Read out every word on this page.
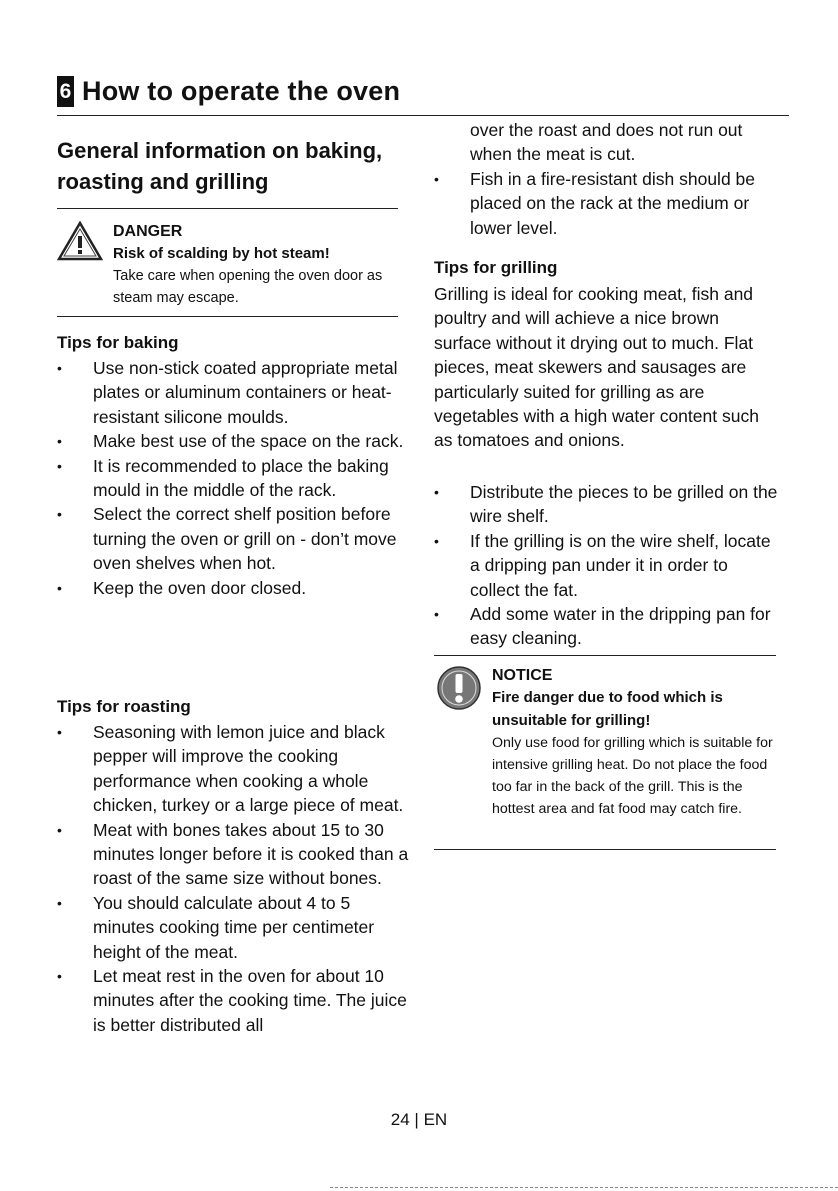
6 How to operate the oven
General information on baking, roasting and grilling
DANGER
Risk of scalding by hot steam!
Take care when opening the oven door as steam may escape.
Tips for baking
• Use non-stick coated appropriate metal plates or aluminum containers or heat-resistant silicone moulds.
• Make best use of the space on the rack.
• It is recommended to place the baking mould in the middle of the rack.
• Select the correct shelf position before turning the oven or grill on - don’t move oven shelves when hot.
• Keep the oven door closed.
Tips for roasting
• Seasoning with lemon juice and black pepper will improve the cooking performance when cooking a whole chicken, turkey or a large piece of meat.
• Meat with bones takes about 15 to 30 minutes longer before it is cooked than a roast of the same size without bones.
• You should calculate about 4 to 5 minutes cooking time per centimeter height of the meat.
• Let meat rest in the oven for about 10 minutes after the cooking time. The juice is better distributed all
over the roast and does not run out when the meat is cut.
• Fish in a fire-resistant dish should be placed on the rack at the medium or lower level.
Tips for grilling
Grilling is ideal for cooking meat, fish and poultry and will achieve a nice brown surface without it drying out to much. Flat pieces, meat skewers and sausages are particularly suited for grilling as are vegetables with a high water content such as tomatoes and onions.
• Distribute the pieces to be grilled on the wire shelf.
• If the grilling is on the wire shelf, locate a dripping pan under it in order to collect the fat.
• Add some water in the dripping pan for easy cleaning.
NOTICE
Fire danger due to food which is unsuitable for grilling!
Only use food for grilling which is suitable for intensive grilling heat. Do not place the food too far in the back of the grill. This is the hottest area and fat food may catch fire.
24 | EN
